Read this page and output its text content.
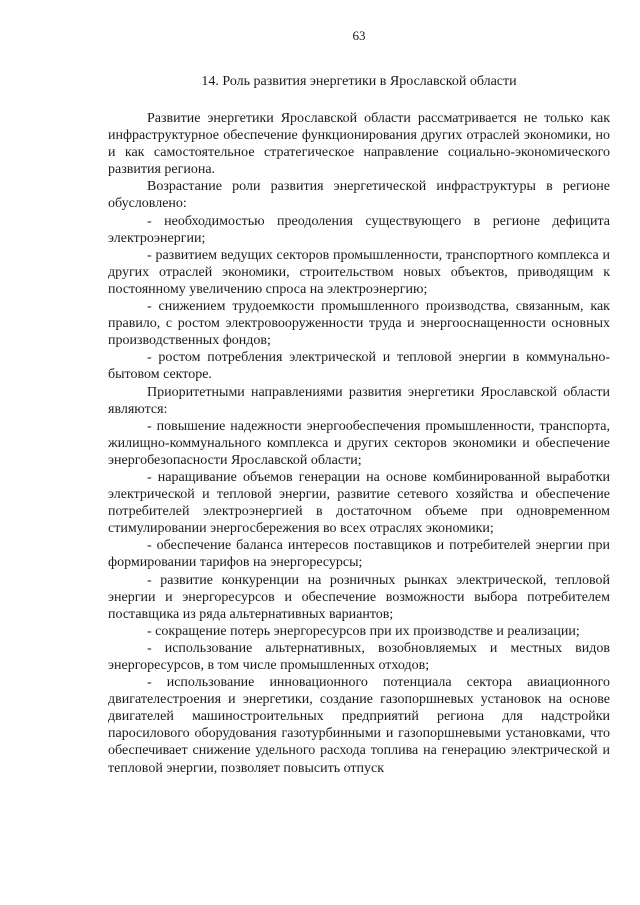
63
14. Роль развития энергетики в Ярославской области

Развитие энергетики Ярославской области рассматривается не только как инфраструктурное обеспечение функционирования других отраслей экономики, но и как самостоятельное стратегическое направление социально-экономического развития региона.

Возрастание роли развития энергетической инфраструктуры в регионе обусловлено:

- необходимостью преодоления существующего в регионе дефицита электроэнергии;

- развитием ведущих секторов промышленности, транспортного комплекса и других отраслей экономики, строительством новых объектов, приводящим к постоянному увеличению спроса на электроэнергию;

- снижением трудоемкости промышленного производства, связанным, как правило, с ростом электровооруженности труда и энергооснащенности основных производственных фондов;

- ростом потребления электрической и тепловой энергии в коммунально-бытовом секторе.

Приоритетными направлениями развития энергетики Ярославской области являются:

- повышение надежности энергообеспечения промышленности, транспорта, жилищно-коммунального комплекса и других секторов экономики и обеспечение энергобезопасности Ярославской области;

- наращивание объемов генерации на основе комбинированной выработки электрической и тепловой энергии, развитие сетевого хозяйства и обеспечение потребителей электроэнергией в достаточном объеме при одновременном стимулировании энергосбережения во всех отраслях экономики;

- обеспечение баланса интересов поставщиков и потребителей энергии при формировании тарифов на энергоресурсы;

- развитие конкуренции на розничных рынках электрической, тепловой энергии и энергоресурсов и обеспечение возможности выбора потребителем поставщика из ряда альтернативных вариантов;

- сокращение потерь энергоресурсов при их производстве и реализации;

- использование альтернативных, возобновляемых и местных видов энергоресурсов, в том числе промышленных отходов;

- использование инновационного потенциала сектора авиационного двигателестроения и энергетики, создание газопоршневых установок на основе двигателей машиностроительных предприятий региона для надстройки паросилового оборудования газотурбинными и газопоршневыми установками, что обеспечивает снижение удельного расхода топлива на генерацию электрической и тепловой энергии, позволяет повысить отпуск
